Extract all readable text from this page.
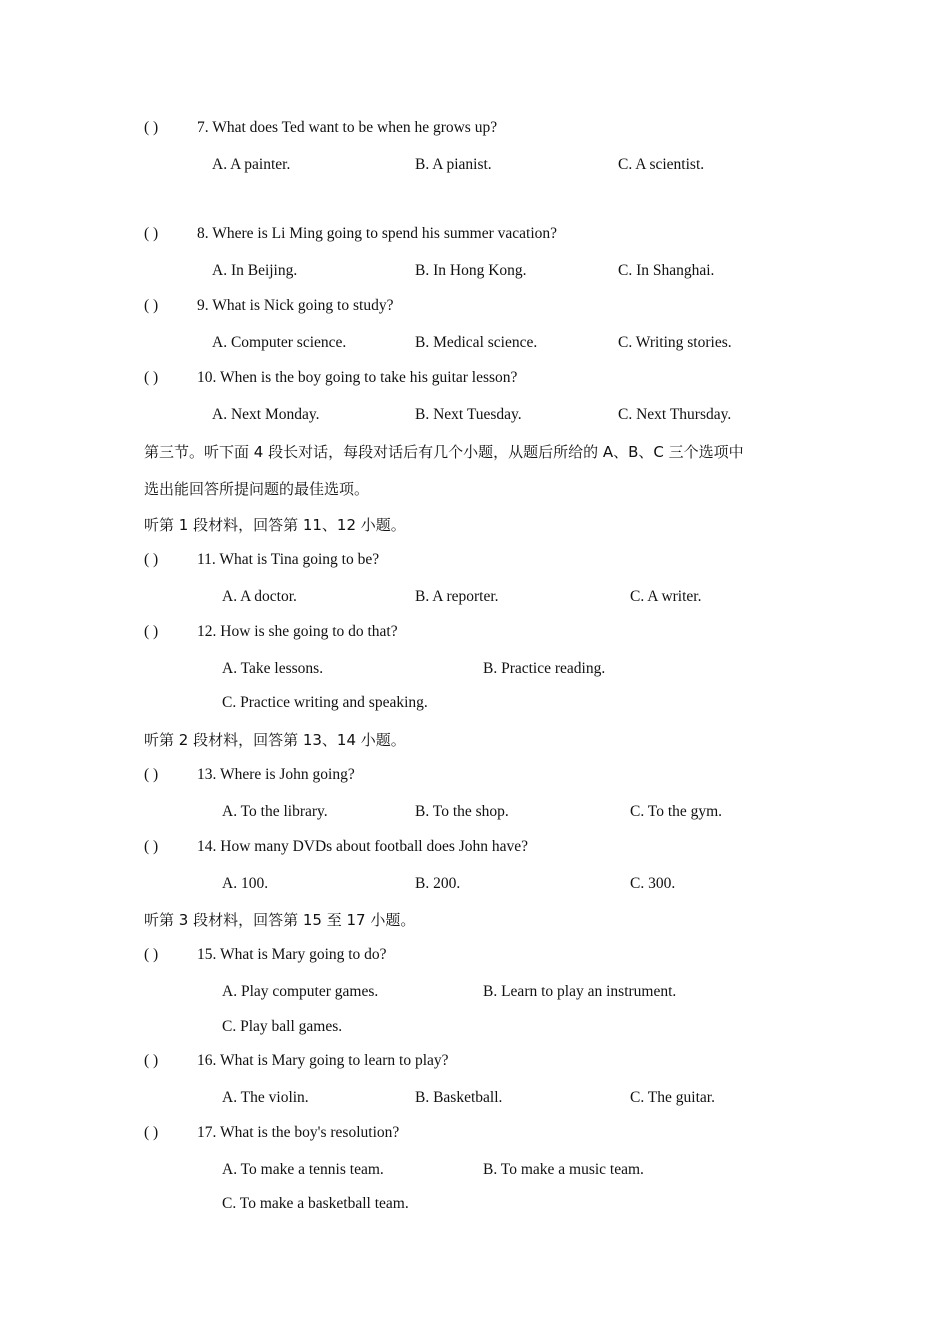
( )	7. What does Ted want to be when he grows up?
A. A painter.	B. A pianist.	C. A scientist.
( )	8. Where is Li Ming going to spend his summer vacation?
A. In Beijing.	B. In Hong Kong.	C. In Shanghai.
( )	9. What is Nick going to study?
A. Computer science.	B. Medical science.	C. Writing stories.
( )	10. When is the boy going to take his guitar lesson?
A. Next Monday.	B. Next Tuesday.	C. Next Thursday.
第三节。听下面 4 段长对话，每段对话后有几个小题，从题后所给的 A、B、C 三个选项中
选出能回答所提问题的最佳选项。
听第 1 段材料，回答第 11、12 小题。
( )	11. What is Tina going to be?
A. A doctor.	B. A reporter.	C. A writer.
( )	12. How is she going to do that?
A. Take lessons.	B. Practice reading.
C. Practice writing and speaking.
听第 2 段材料，回答第 13、14 小题。
( )	13. Where is John going?
A. To the library.	B. To the shop.	C. To the gym.
( )	14. How many DVDs about football does John have?
A. 100.	B. 200.	C. 300.
听第 3 段材料，回答第 15 至 17 小题。
( )	15. What is Mary going to do?
A. Play computer games.	B. Learn to play an instrument.
C. Play ball games.
( )	16. What is Mary going to learn to play?
A. The violin.	B. Basketball.	C. The guitar.
( )	17. What is the boy's resolution?
A. To make a tennis team.	B. To make a music team.
C. To make a basketball team.
